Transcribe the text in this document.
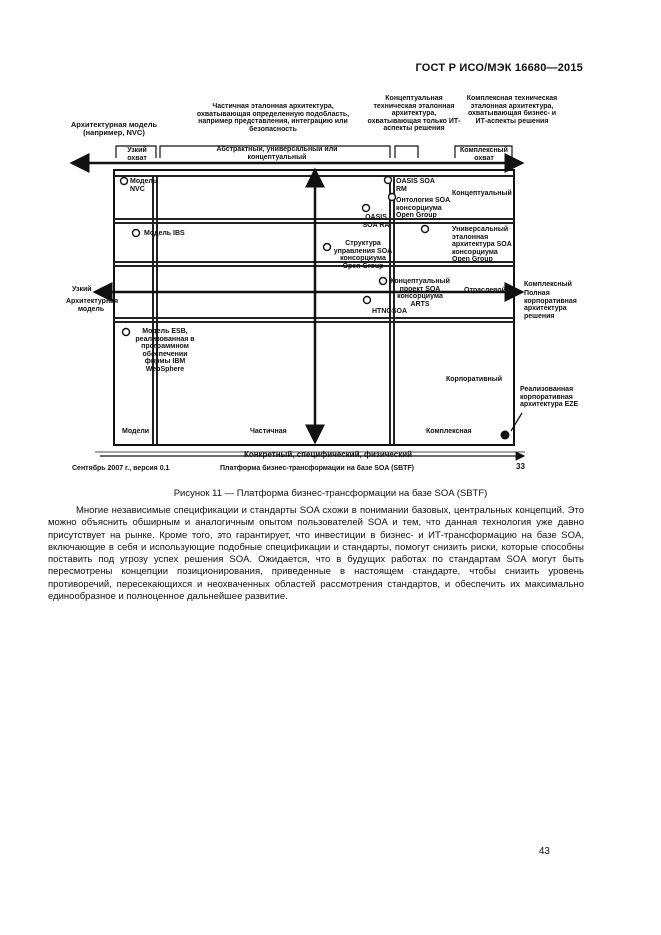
ГОСТ Р ИСО/МЭК 16680—2015
Частичная эталонная архитектура, охватывающая определенную подобласть, например представления, интеграцию или безопасность
Концептуальная техническая эталонная архитектура, охватывающая только ИТ-аспекты решения
Комплексная техническая эталонная архитектура, охватывающая бизнес- и ИТ-аспекты решения
Архитектурная модель (например, NVC)
Узкий охват
Абстрактный, универсальный или концептуальный
Комплексный охват
Узкий
Архитектурная модель
Комплексный
Полная корпоративная архитектура решения
Реализованная корпоративная архитектура EZE
Модель NVC
OASIS SOA RM
Концептуальный
Онтология SOA консорциума Open Group
OASIS SOA RA
Универсальный эталонная архитектура SOA консорциума Open Group
Модель IBS
Структура управления SOA консорциума Open Group
Отраслевой
Концептуальный проект SOA консорциума ARTS
HTNGSOA
Модель ESB, реализованная в программном обеспечении фирмы IBM WebSphere
Корпоративный
Модели	Частичная	Комплексная
Конкретный, специфический, физический
Сентябрь 2007 г., версия 0.1	Платформа бизнес-трансформации на базе SOA (SBTF)	33
Рисунок 11 — Платформа бизнес-трансформации на базе SOA (SBTF)
Многие независимые спецификации и стандарты SOA схожи в понимании базовых, центральных концепций. Это можно объяснить обширным и аналогичным опытом пользователей SOA и тем, что данная технология уже давно присутствует на рынке. Кроме того, это гарантирует, что инвестиции в бизнес- и ИТ-трансформацию на базе SOA, включающие в себя и использующие подобные спецификации и стандарты, помогут снизить риски, которые способны поставить под угрозу успех решения SOA. Ожидается, что в будущих работах по стандартам SOA могут быть пересмотрены концепции позиционирования, приведенные в настоящем стандарте, чтобы снизить уровень противоречий, пересекающихся и неохваченных областей рассмотрения стандартов, и обеспечить их максимально единообразное и полноценное дальнейшее развитие.
43
